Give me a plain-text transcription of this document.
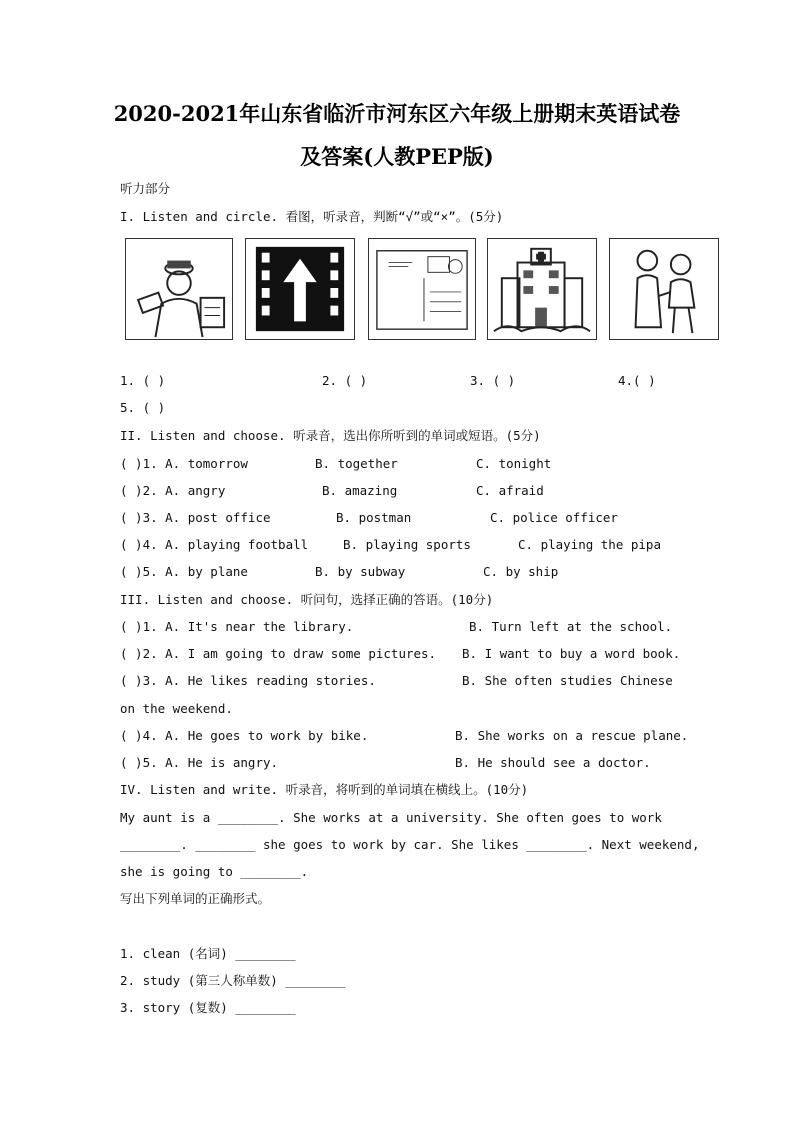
2020-2021年山东省临沂市河东区六年级上册期末英语试卷
及答案(人教PEP版)
听力部分
I. Listen and circle. 看图，听录音，判断“√”或“×”。(5分)
1. ( )	2. ( )	3. ( )	4.( )
5. ( )
II. Listen and choose. 听录音，选出你所听到的单词或短语。(5分)
( )1. A. tomorrow	B. together	C. tonight
( )2. A. angry	B. amazing	C. afraid
( )3. A. post office	B. postman	C. police officer
( )4. A. playing football	B. playing sports	C. playing the pipa
( )5. A. by plane	B. by subway	C. by ship
III. Listen and choose. 听问句，选择正确的答语。(10分)
( )1. A. It's near the library.	B. Turn left at the school.
( )2. A. I am going to draw some pictures. B. I want to buy a word book.
( )3. A. He likes reading stories.	B. She often studies Chinese
on the weekend.
( )4. A. He goes to work by bike.	B. She works on a rescue plane.
( )5. A. He is angry.	B. He should see a doctor.
IV. Listen and write. 听录音，将听到的单词填在横线上。(10分)
My aunt is a ________. She works at a university. She often goes to work
________. ________ she goes to work by car. She likes ________. Next weekend,
she is going to ________.
写出下列单词的正确形式。
1. clean (名词) ________
2. study (第三人称单数) ________
3. story (复数) ________
